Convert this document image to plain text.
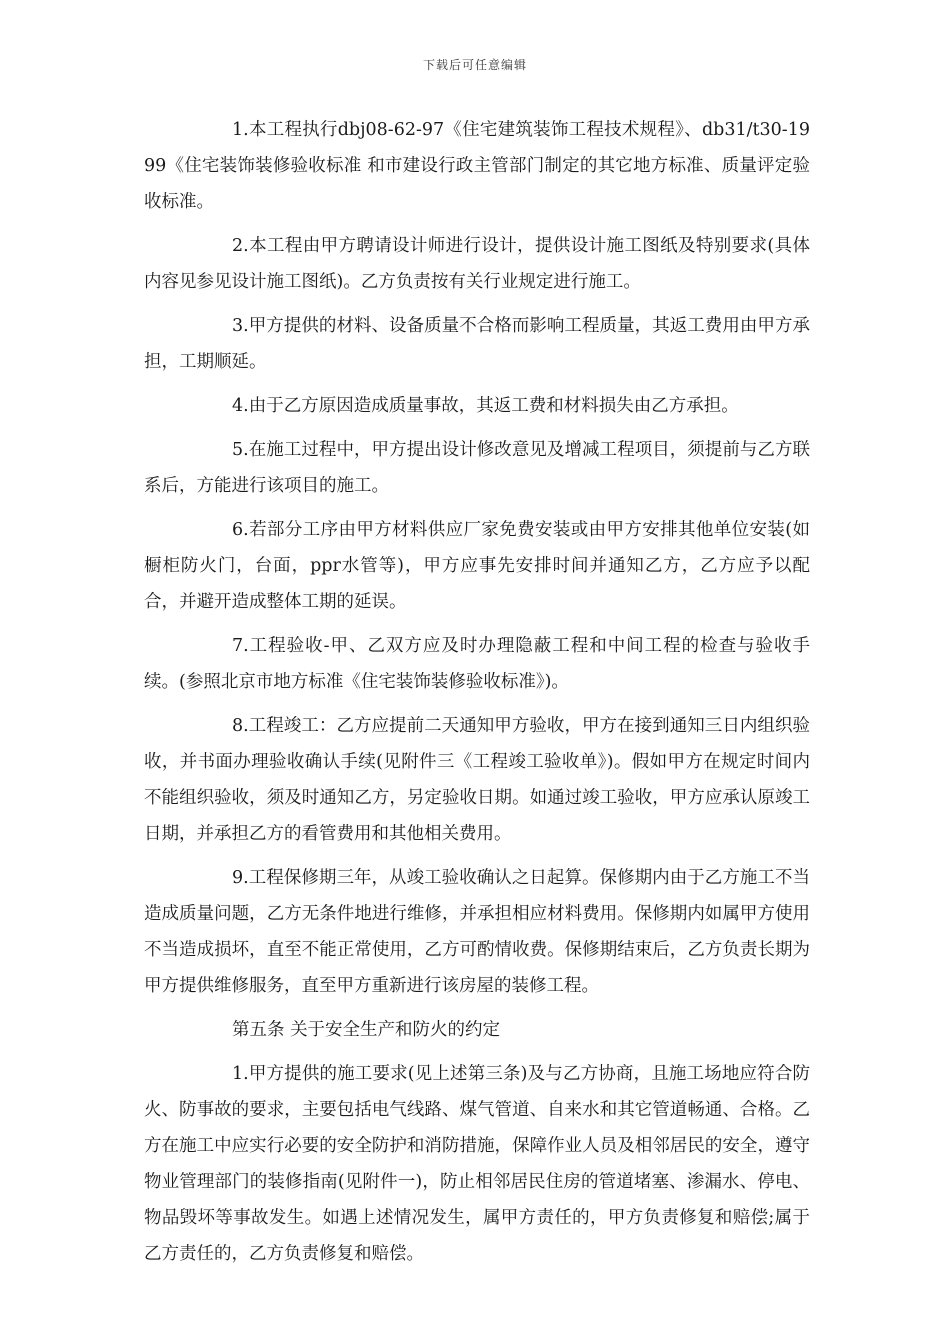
下载后可任意编辑

1.本工程执行dbj08-62-97《住宅建筑装饰工程技术规程》、db31/t30-1999《住宅装饰装修验收标准 和市建设行政主管部门制定的其它地方标准、质量评定验收标准。

2.本工程由甲方聘请设计师进行设计，提供设计施工图纸及特别要求(具体内容见参见设计施工图纸)。乙方负责按有关行业规定进行施工。

3.甲方提供的材料、设备质量不合格而影响工程质量，其返工费用由甲方承担，工期顺延。

4.由于乙方原因造成质量事故，其返工费和材料损失由乙方承担。

5.在施工过程中，甲方提出设计修改意见及增减工程项目，须提前与乙方联系后，方能进行该项目的施工。

6.若部分工序由甲方材料供应厂家免费安装或由甲方安排其他单位安装(如橱柜防火门，台面，ppr水管等)，甲方应事先安排时间并通知乙方，乙方应予以配合，并避开造成整体工期的延误。

7.工程验收-甲、乙双方应及时办理隐蔽工程和中间工程的检查与验收手续。(参照北京市地方标准《住宅装饰装修验收标准》)。

8.工程竣工：乙方应提前二天通知甲方验收，甲方在接到通知三日内组织验收，并书面办理验收确认手续(见附件三《工程竣工验收单》)。假如甲方在规定时间内不能组织验收，须及时通知乙方，另定验收日期。如通过竣工验收，甲方应承认原竣工日期，并承担乙方的看管费用和其他相关费用。

9.工程保修期三年，从竣工验收确认之日起算。保修期内由于乙方施工不当造成质量问题，乙方无条件地进行维修，并承担相应材料费用。保修期内如属甲方使用不当造成损坏，直至不能正常使用，乙方可酌情收费。保修期结束后，乙方负责长期为甲方提供维修服务，直至甲方重新进行该房屋的装修工程。

第五条 关于安全生产和防火的约定

1.甲方提供的施工要求(见上述第三条)及与乙方协商，且施工场地应符合防火、防事故的要求，主要包括电气线路、煤气管道、自来水和其它管道畅通、合格。乙方在施工中应实行必要的安全防护和消防措施，保障作业人员及相邻居民的安全，遵守物业管理部门的装修指南(见附件一)，防止相邻居民住房的管道堵塞、渗漏水、停电、物品毁坏等事故发生。如遇上述情况发生，属甲方责任的，甲方负责修复和赔偿;属于乙方责任的，乙方负责修复和赔偿。
